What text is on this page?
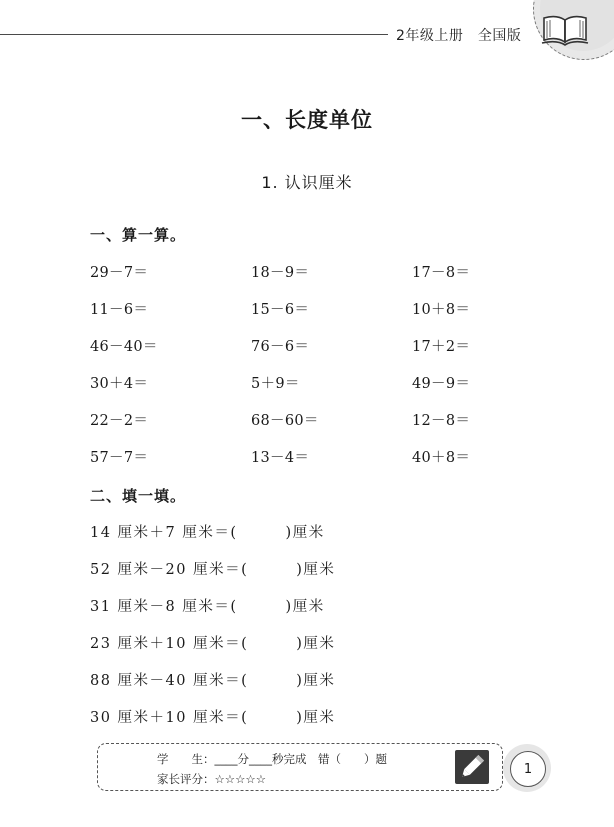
2年级上册　全国版
一、长度单位
1. 认识厘米
一、算一算。
29－7＝	18－9＝	17－8＝
11－6＝	15－6＝	10＋8＝
46－40＝	76－6＝	17＋2＝
30＋4＝	5＋9＝	49－9＝
22－2＝	68－60＝	12－8＝
57－7＝	13－4＝	40＋8＝
二、填一填。
14 厘米＋7 厘米＝(　　　)厘米
52 厘米－20 厘米＝(　　　)厘米
31 厘米－8 厘米＝(　　　)厘米
23 厘米＋10 厘米＝(　　　)厘米
88 厘米－40 厘米＝(　　　)厘米
30 厘米＋10 厘米＝(　　　)厘米
学　　生：____分____秒完成　错（　　）题
家长评分：☆☆☆☆☆
1
